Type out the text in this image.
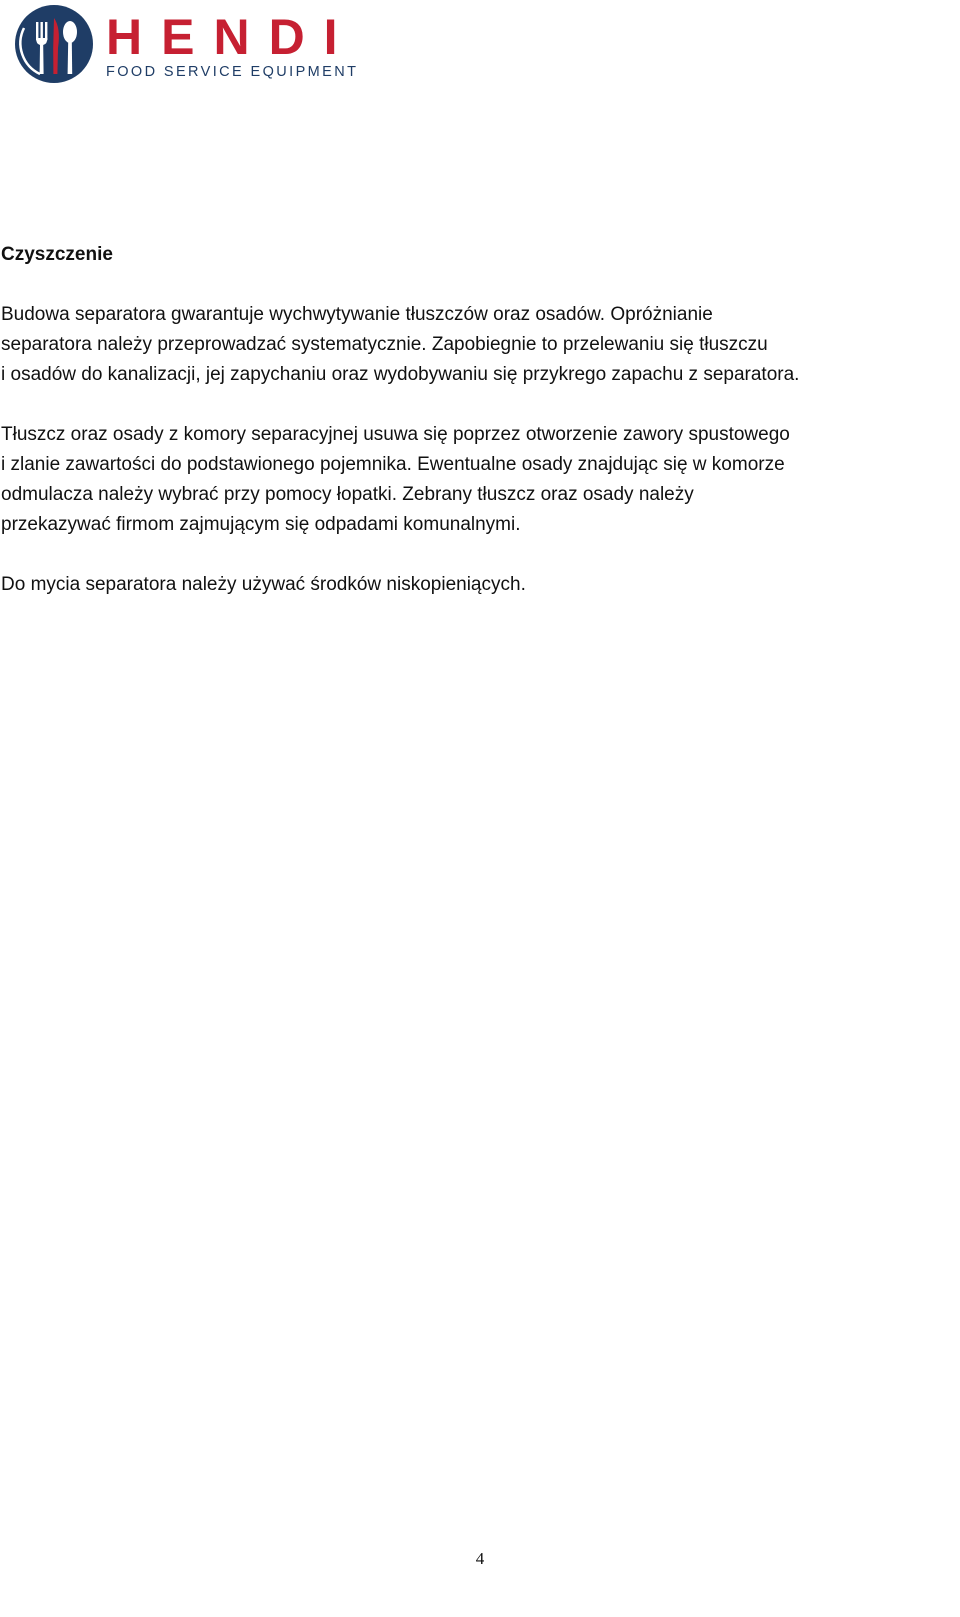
HENDI
FOOD SERVICE EQUIPMENT
Czyszczenie
Budowa separatora gwarantuje wychwytywanie tłuszczów oraz osadów. Opróżnianie
separatora należy przeprowadzać systematycznie. Zapobiegnie to przelewaniu się tłuszczu
i osadów do kanalizacji, jej zapychaniu oraz wydobywaniu się przykrego zapachu z separatora.
Tłuszcz oraz osady z komory separacyjnej usuwa się poprzez otworzenie zawory spustowego
i zlanie zawartości do podstawionego pojemnika. Ewentualne osady znajdując się w komorze
odmulacza należy wybrać przy pomocy łopatki. Zebrany tłuszcz oraz osady należy
przekazywać firmom zajmującym się odpadami komunalnymi.
Do mycia separatora należy używać środków niskopieniących.
4
